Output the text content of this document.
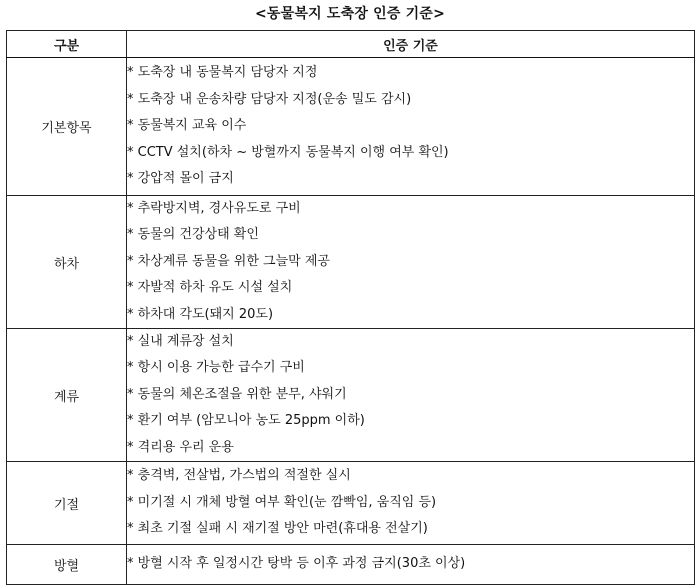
<동물복지 도축장 인증 기준>
구분	인증 기준
기본항목	* 도축장 내 동물복지 담당자 지정
* 도축장 내 운송차량 담당자 지정(운송 밀도 감시)
* 동물복지 교육 이수
* CCTV 설치(하차 ~ 방혈까지 동물복지 이행 여부 확인)
* 강압적 몰이 금지

하차	* 추락방지벽, 경사유도로 구비
* 동물의 건강상태 확인
* 차상계류 동물을 위한 그늘막 제공
* 자발적 하차 유도 시설 설치
* 하차대 각도(돼지 20도)

계류	* 실내 계류장 설치
* 항시 이용 가능한 급수기 구비
* 동물의 체온조절을 위한 분무, 샤워기
* 환기 여부 (암모니아 농도 25ppm 이하)
* 격리용 우리 운용

기절	* 충격벽, 전살법, 가스법의 적절한 실시
* 미기절 시 개체 방혈 여부 확인(눈 깜빡임, 움직임 등)
* 최초 기절 실패 시 재기절 방안 마련(휴대용 전살기)

방혈	* 방혈 시작 후 일정시간 탕박 등 이후 과정 금지(30초 이상)
